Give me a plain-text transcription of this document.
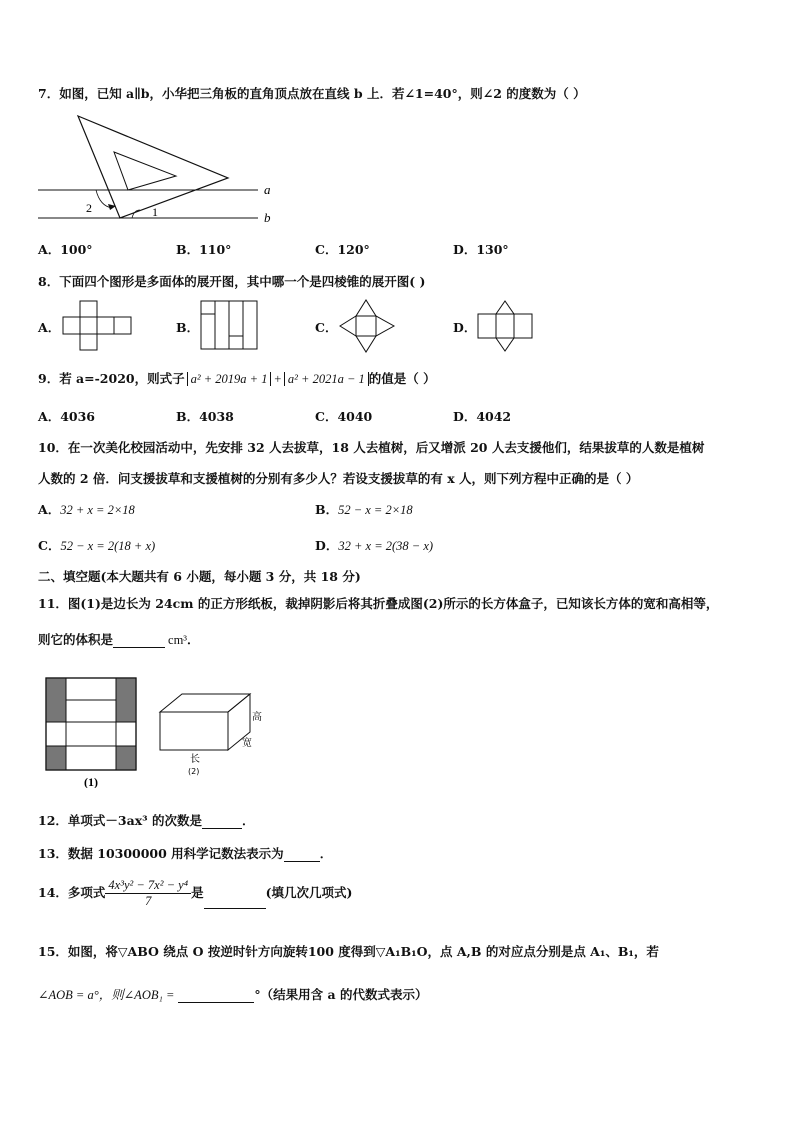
7．如图，已知 a∥b，小华把三角板的直角顶点放在直线 b 上．若∠1=40°，则∠2 的度数为（ ）
a
b
1
2
A．100°	B．110°	C．120°	D．130°
8．下面四个图形是多面体的展开图，其中哪一个是四棱锥的展开图( )
A．	B．	C．	D．
9．若 a=-2020，则式子 a² + 2019a + 1 + a² + 2021a − 1 的值是（ ）
A．4036	B．4038	C．4040	D．4042
10．在一次美化校园活动中，先安排 32 人去拔草，18 人去植树，后又增派 20 人去支援他们，结果拔草的人数是植树
人数的 2 倍．问支援拔草和支援植树的分别有多少人？若设支援拔草的有 x 人，则下列方程中正确的是（ ）
A．32 + x = 2×18	B．52 − x = 2×18
C．52 − x = 2(18 + x)	D．32 + x = 2(38 − x)
二、填空题(本大题共有 6 小题，每小题 3 分，共 18 分)
11．图(1)是边长为 24cm 的正方形纸板，裁掉阴影后将其折叠成图(2)所示的长方体盒子，已知该长方体的宽和高相等，
则它的体积是	cm³．
(1)
高
宽
长
(2)
12．单项式－3ax³ 的次数是	．
13．数据 10300000 用科学记数法表示为	．
14．多项式 $\frac{\text{4x³y² − 7x² − y⁴}}{7}$ 是	(填几次几项式)
15．如图，将▽ABO 绕点 O 按逆时针方向旋转100 度得到▽A₁B₁O，点 A,B 的对应点分别是点 A₁、B₁，若
∠AOB = a°，则∠AOB₁ =	°（结果用含 a 的代数式表示）
